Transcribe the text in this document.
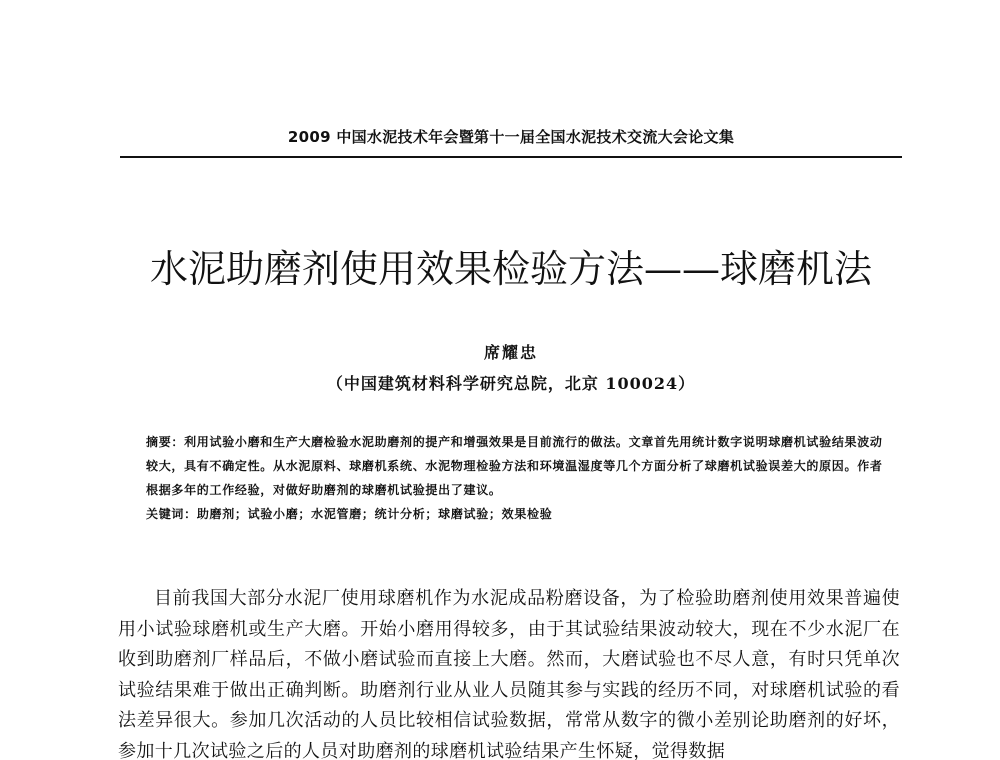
2009 中国水泥技术年会暨第十一届全国水泥技术交流大会论文集
水泥助磨剂使用效果检验方法——球磨机法
席耀忠
（中国建筑材料科学研究总院，北京 100024）
摘要：利用试验小磨和生产大磨检验水泥助磨剂的提产和增强效果是目前流行的做法。文章首先用统计数字说明球磨机试验结果波动较大，具有不确定性。从水泥原料、球磨机系统、水泥物理检验方法和环境温湿度等几个方面分析了球磨机试验误差大的原因。作者根据多年的工作经验，对做好助磨剂的球磨机试验提出了建议。
关键词：助磨剂；试验小磨；水泥管磨；统计分析；球磨试验；效果检验

目前我国大部分水泥厂使用球磨机作为水泥成品粉磨设备，为了检验助磨剂使用效果普遍使用小试验球磨机或生产大磨。开始小磨用得较多，由于其试验结果波动较大，现在不少水泥厂在收到助磨剂厂样品后，不做小磨试验而直接上大磨。然而，大磨试验也不尽人意，有时只凭单次试验结果难于做出正确判断。助磨剂行业从业人员随其参与实践的经历不同，对球磨机试验的看法差异很大。参加几次活动的人员比较相信试验数据，常常从数字的微小差别论助磨剂的好坏，参加十几次试验之后的人员对助磨剂的球磨机试验结果产生怀疑，觉得数据
